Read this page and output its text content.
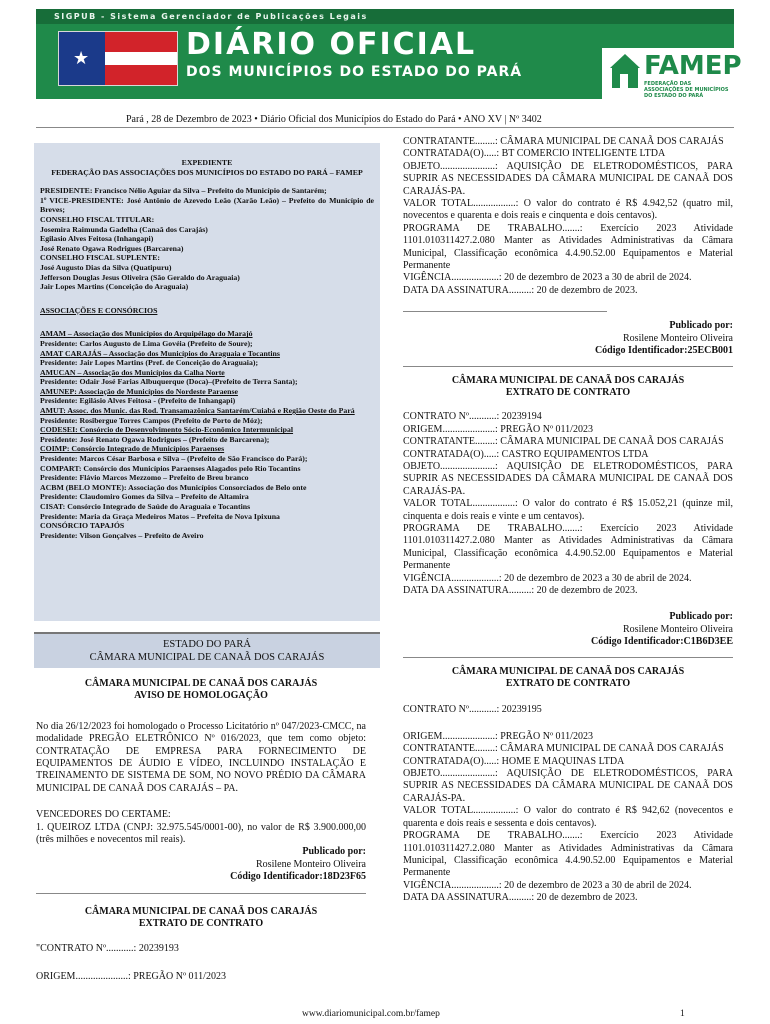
SIGPUB - Sistema Gerenciador de Publicações Legais
★	DIÁRIO OFICIAL
DOS MUNICÍPIOS DO ESTADO DO PARÁ	FAMEP
FEDERAÇÃO DAS ASSOCIAÇÕES DE MUNICÍPIOS DO ESTADO DO PARÁ
Pará , 28 de Dezembro de 2023 • Diário Oficial dos Municípios do Estado do Pará • ANO XV | Nº 3402
EXPEDIENTE
FEDERAÇÃO DAS ASSOCIAÇÕES DOS MUNICÍPIOS DO ESTADO DO PARÁ – FAMEP
PRESIDENTE: Francisco Nélio Aguiar da Silva – Prefeito do Município de Santarém;
1º VICE-PRESIDENTE: José Antônio de Azevedo Leão (Xarão Leão) – Prefeito do Município de Breves;
CONSELHO FISCAL TITULAR:
Josemira Raimunda Gadelha (Canaã dos Carajás)
Egilasio Alves Feitosa (Inhangapi)
José Renato Ogawa Rodrigues (Barcarena)
CONSELHO FISCAL SUPLENTE:
José Augusto Dias da Silva (Quatipuru)
Jefferson Douglas Jesus Oliveira (São Geraldo do Araguaia)
Jair Lopes Martins (Conceição do Araguaia)
ASSOCIAÇÕES E CONSÓRCIOS
AMAM – Associação dos Municípios do Arquipélago do Marajó
Presidente: Carlos Augusto de Lima Govéia (Prefeito de Soure);
AMAT CARAJÁS – Associação dos Municípios do Araguaia e Tocantins
Presidente: Jair Lopes Martins (Pref. de Conceição do Araguaia);
AMUCAN – Associação dos Municípios da Calha Norte
Presidente: Odair José Farias Albuquerque (Doca)–(Prefeito de Terra Santa);
AMUNEP: Associação de Municípios do Nordeste Paraense
Presidente: Egilásio Alves Feitosa - (Prefeito de Inhangapi)
AMUT: Assoc. dos Munic. das Rod. Transamazônica Santarém/Cuiabá e Região Oeste do Pará
Presidente: Rosibergue Torres Campos (Prefeito de Porto de Móz);
CODESEI: Consórcio de Desenvolvimento Sócio-Econômico Intermunicipal
Presidente: José Renato Ogawa Rodrigues – (Prefeito de Barcarena);
COIMP: Consórcio Integrado de Municípios Paraenses
Presidente: Marcos César Barbosa e Silva – (Prefeito de São Francisco do Pará);
COMPART: Consórcio dos Municípios Paraenses Alagados pelo Rio Tocantins
Presidente: Flávio Marcos Mezzomo – Prefeito de Breu branco
ACBM (BELO MONTE): Associação dos Municípios Consorciados de Belo onte
Presidente: Claudomiro Gomes da Silva – Prefeito de Altamira
CISAT: Consórcio Integrado de Saúde do Araguaia e Tocantins
Presidente: Maria da Graça Medeiros Matos – Prefeita de Nova Ipixuna
CONSÓRCIO TAPAJÓS
Presidente: Vilson Gonçalves – Prefeito de Aveiro
ESTADO DO PARÁ
CÂMARA MUNICIPAL DE CANAÃ DOS CARAJÁS
CÂMARA MUNICIPAL DE CANAÃ DOS CARAJÁS
AVISO DE HOMOLOGAÇÃO
No dia 26/12/2023 foi homologado o Processo Licitatório nº 047/2023-CMCC, na modalidade PREGÃO ELETRÔNICO Nº 016/2023, que tem como objeto: CONTRATAÇÃO DE EMPRESA PARA FORNECIMENTO DE EQUIPAMENTOS DE ÁUDIO E VÍDEO, INCLUINDO INSTALAÇÃO E TREINAMENTO DE SISTEMA DE SOM, NO NOVO PRÉDIO DA CÂMARA MUNICIPAL DE CANAÃ DOS CARAJÁS – PA.
VENCEDORES DO CERTAME:
1. QUEIROZ LTDA (CNPJ: 32.975.545/0001-00), no valor de R$ 3.900.000,00 (três milhões e novecentos mil reais).
Publicado por:
Rosilene Monteiro Oliveira
Código Identificador:18D23F65
CÂMARA MUNICIPAL DE CANAÃ DOS CARAJÁS
EXTRATO DE CONTRATO
"CONTRATO Nº...........: 20239193
ORIGEM.....................: PREGÃO Nº 011/2023
CONTRATANTE........: CÂMARA MUNICIPAL DE CANAÃ DOS CARAJÁS
CONTRATADA(O).....: BT COMERCIO INTELIGENTE LTDA
OBJETO......................: AQUISIÇÃO DE ELETRODOMÉSTICOS, PARA SUPRIR AS NECESSIDADES DA CÂMARA MUNICIPAL DE CANAÃ DOS CARAJÁS-PA.
VALOR TOTAL.................: O valor do contrato é R$ 4.942,52 (quatro mil, novecentos e quarenta e dois reais e cinquenta e dois centavos).
PROGRAMA DE TRABALHO.......: Exercício 2023 Atividade 1101.010311427.2.080 Manter as Atividades Administrativas da Câmara Municipal, Classificação econômica 4.4.90.52.00 Equipamentos e Material Permanente
VIGÊNCIA...................: 20 de dezembro de 2023 a 30 de abril de 2024.
DATA DA ASSINATURA.........: 20 de dezembro de 2023.
Publicado por:
Rosilene Monteiro Oliveira
Código Identificador:25ECB001
CÂMARA MUNICIPAL DE CANAÃ DOS CARAJÁS
EXTRATO DE CONTRATO
CONTRATO Nº...........: 20239194
ORIGEM.....................: PREGÃO Nº 011/2023
CONTRATANTE........: CÂMARA MUNICIPAL DE CANAÃ DOS CARAJÁS
CONTRATADA(O).....: CASTRO EQUIPAMENTOS LTDA
OBJETO......................: AQUISIÇÃO DE ELETRODOMÉSTICOS, PARA SUPRIR AS NECESSIDADES DA CÂMARA MUNICIPAL DE CANAÃ DOS CARAJÁS-PA.
VALOR TOTAL.................: O valor do contrato é R$ 15.052,21 (quinze mil, cinquenta e dois reais e vinte e um centavos).
PROGRAMA DE TRABALHO.......: Exercício 2023 Atividade 1101.010311427.2.080 Manter as Atividades Administrativas da Câmara Municipal, Classificação econômica 4.4.90.52.00 Equipamentos e Material Permanente
VIGÊNCIA...................: 20 de dezembro de 2023 a 30 de abril de 2024.
DATA DA ASSINATURA.........: 20 de dezembro de 2023.
Publicado por:
Rosilene Monteiro Oliveira
Código Identificador:C1B6D3EE
CÂMARA MUNICIPAL DE CANAÃ DOS CARAJÁS
EXTRATO DE CONTRATO
CONTRATO Nº...........: 20239195
ORIGEM.....................: PREGÃO Nº 011/2023
CONTRATANTE........: CÂMARA MUNICIPAL DE CANAÃ DOS CARAJÁS
CONTRATADA(O).....: HOME E MAQUINAS LTDA
OBJETO......................: AQUISIÇÃO DE ELETRODOMÉSTICOS, PARA SUPRIR AS NECESSIDADES DA CÂMARA MUNICIPAL DE CANAÃ DOS CARAJÁS-PA.
VALOR TOTAL.................: O valor do contrato é R$ 942,62 (novecentos e quarenta e dois reais e sessenta e dois centavos).
PROGRAMA DE TRABALHO.......: Exercício 2023 Atividade 1101.010311427.2.080 Manter as Atividades Administrativas da Câmara Municipal, Classificação econômica 4.4.90.52.00 Equipamentos e Material Permanente
VIGÊNCIA...................: 20 de dezembro de 2023 a 30 de abril de 2024.
DATA DA ASSINATURA.........: 20 de dezembro de 2023.
www.diariomunicipal.com.br/famep	1
